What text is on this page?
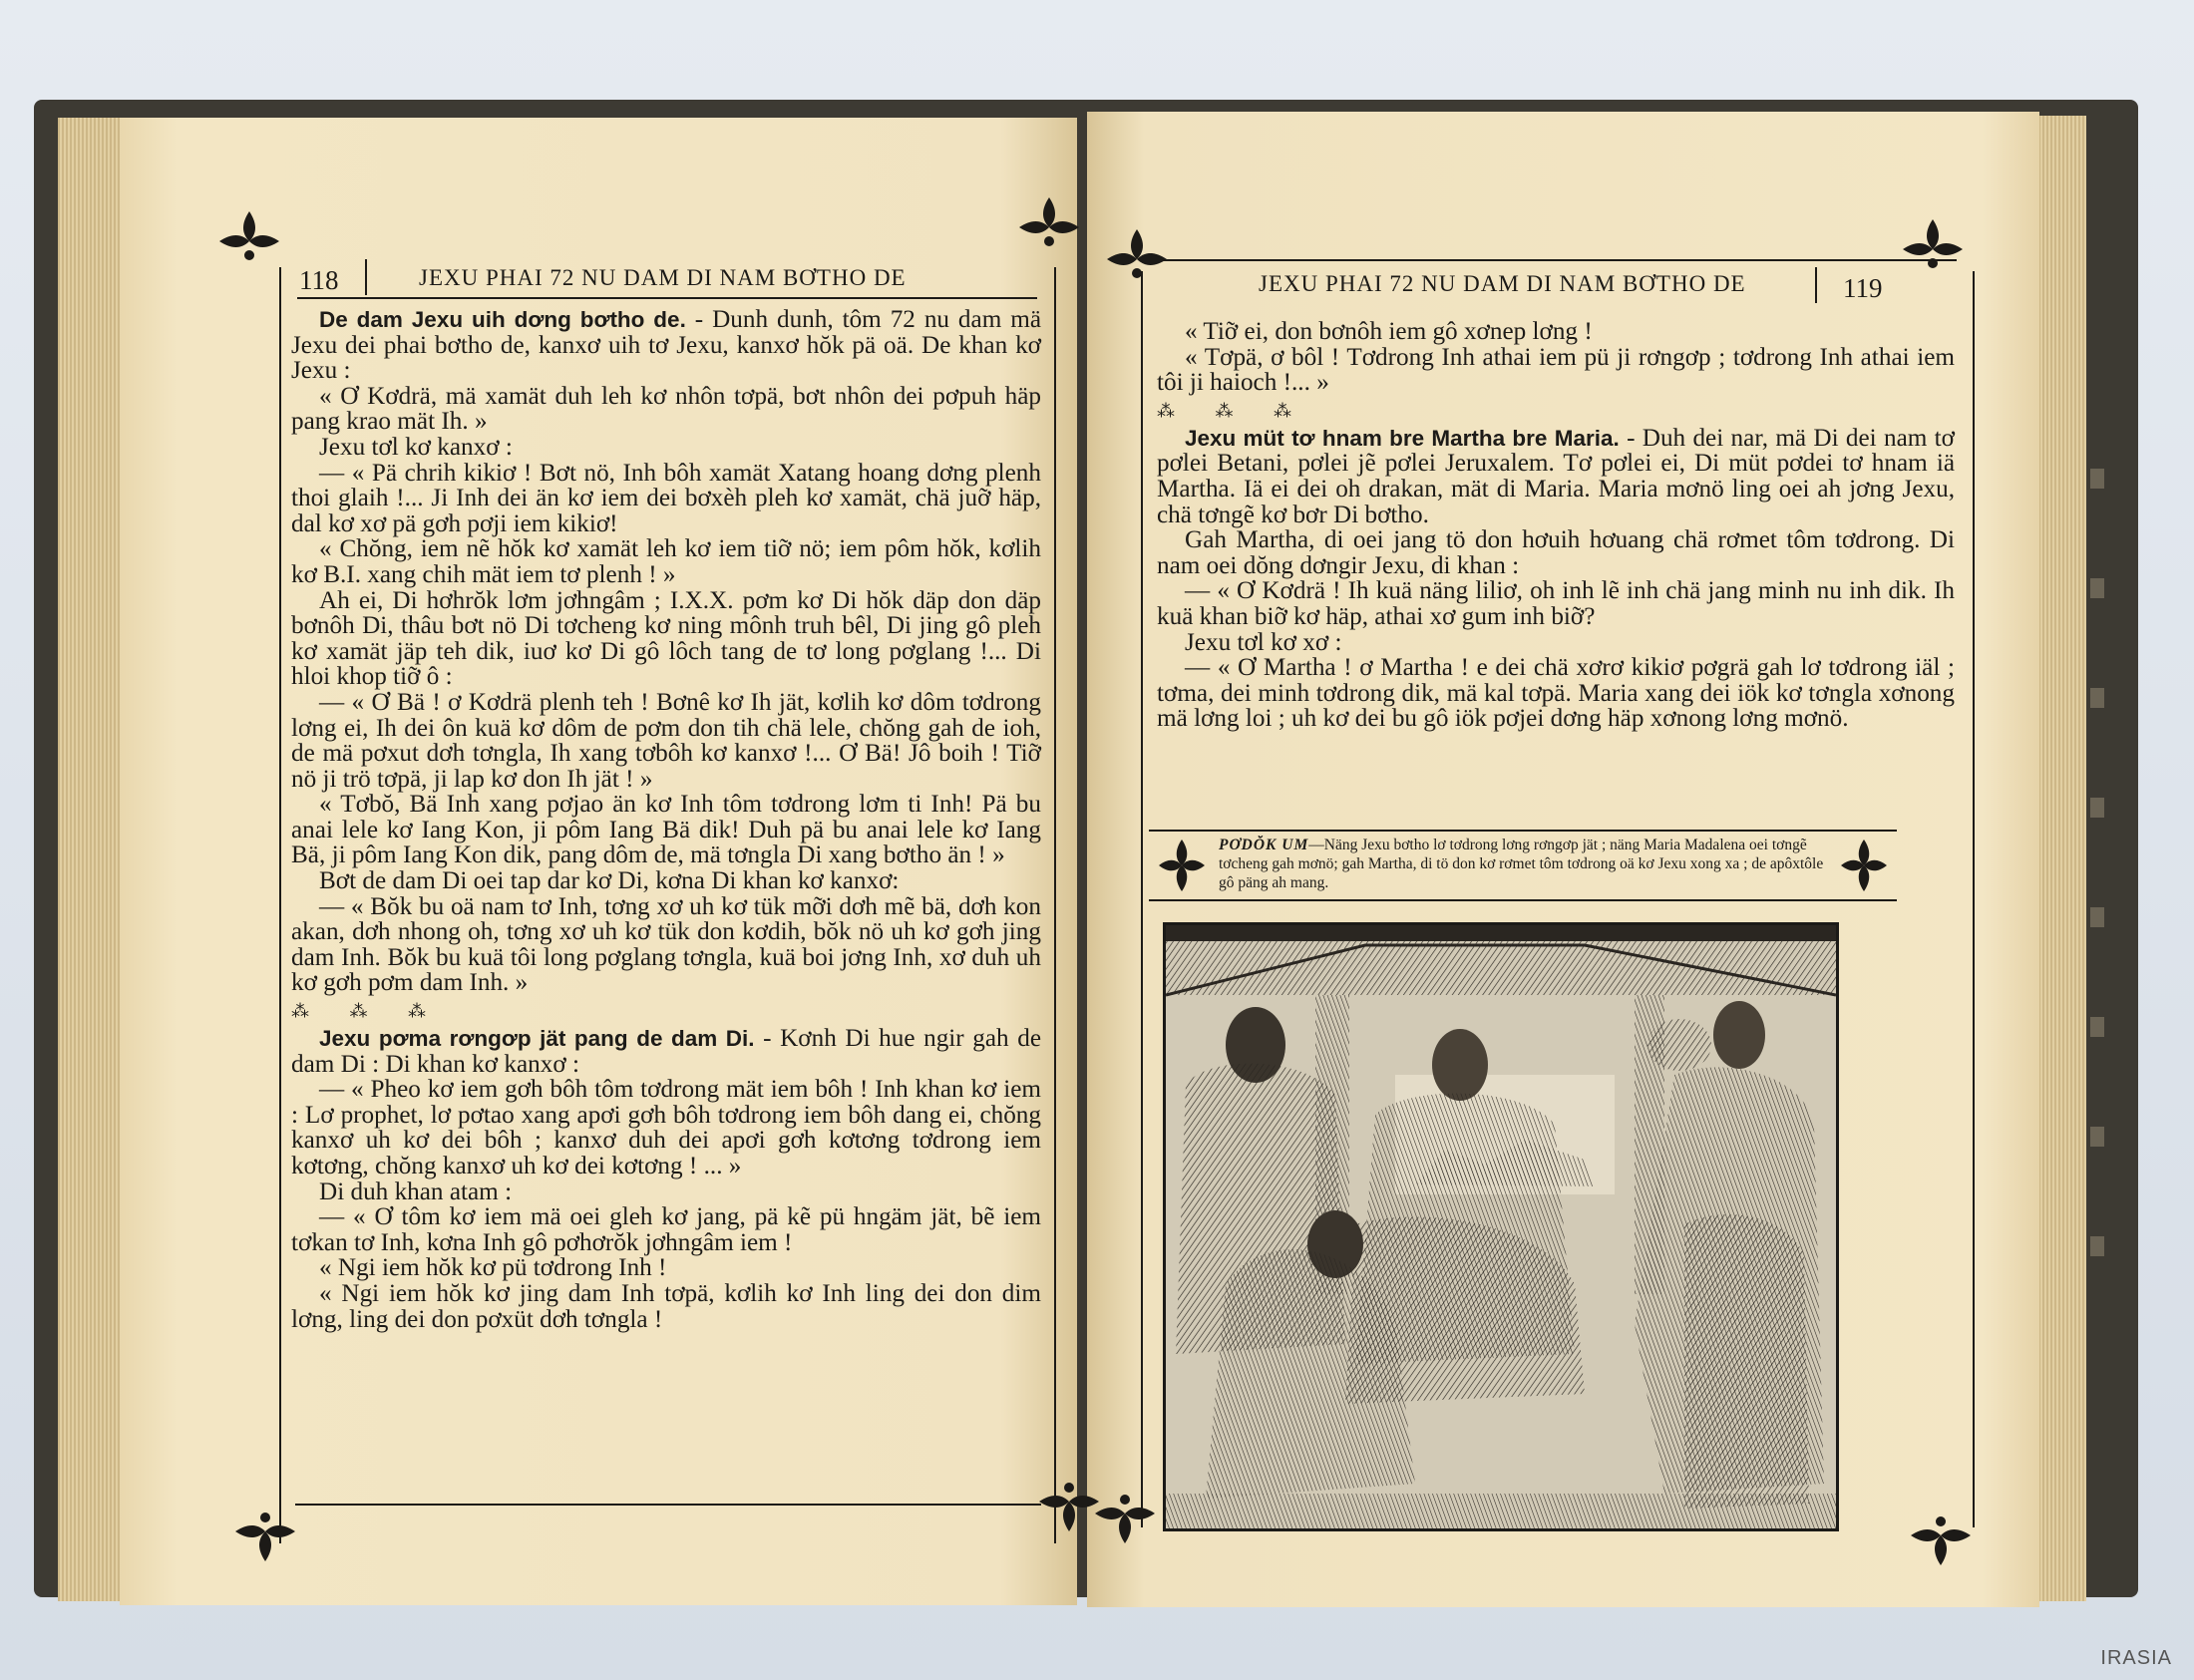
118	JEXU PHAI 72 NU DAM DI NAM BƠTHO DE

De dam Jexu uih dơng bơtho de. - Dunh dunh, tôm 72 nu dam mä Jexu dei phai bơtho de, kanxơ uih tơ Jexu, kanxơ hŏk pä oä. De khan kơ Jexu :

« Ơ Kơdrä, mä xamät duh leh kơ nhôn tơpä, bơt nhôn dei pơpuh häp pang krao mät Ih. »

Jexu tơl kơ kanxơ :

— « Pä chrih kikiơ ! Bơt nö, Inh bôh xamät Xatang hoang dơng plenh thoi glaih !... Ji Inh dei än kơ iem dei bơxèh pleh kơ xamät, chä juỡ häp, dal kơ xơ pä gơh pơji iem kikiơ!

« Chŏng, iem nẽ hŏk kơ xamät leh kơ iem tiỡ nö; iem pôm hŏk, kơlih kơ B.I. xang chih mät iem tơ plenh ! »

Ah ei, Di hơhrŏk lơm jơhngâm ; I.X.X. pơm kơ Di hŏk däp don däp bơnôh Di, thâu bơt nö Di tơcheng kơ ning mônh truh bêl, Di jing gô pleh kơ xamät jäp teh dik, iuơ kơ Di gô lôch tang de tơ long pơglang !... Di hloi khop tiỡ ô :

— « Ơ Bä ! ơ Kơdrä plenh teh ! Bơnê kơ Ih jät, kơlih kơ dôm tơdrong lơng ei, Ih dei ôn kuä kơ dôm de pơm don tih chä lele, chŏng gah de ioh, de mä pơxut dơh tơngla, Ih xang tơbôh kơ kanxơ !... Ơ Bä! Jô boih ! Tiỡ nö ji trö tơpä, ji lap kơ don Ih jät ! »

« Tơbŏ, Bä Inh xang pơjao än kơ Inh tôm tơdrong lơm ti Inh! Pä bu anai lele kơ Iang Kon, ji pôm Iang Bä dik! Duh pä bu anai lele kơ Iang Bä, ji pôm Iang Kon dik, pang dôm de, mä tơngla Di xang bơtho än ! »

Bơt de dam Di oei tap dar kơ Di, kơna Di khan kơ kanxơ:

— « Bŏk bu oä nam tơ Inh, tơng xơ uh kơ tük mỡi dơh mẽ bä, dơh kon akan, dơh nhong oh, tơng xơ uh kơ tük don kơdih, bŏk nö uh kơ gơh jing dam Inh. Bŏk bu kuä tôi long pơglang tơngla, kuä boi jơng Inh, xơ duh uh kơ gơh pơm dam Inh. »

⁂ ⁂ ⁂

Jexu pơma rơngơp jät pang de dam Di. - Kơnh Di hue ngir gah de dam Di : Di khan kơ kanxơ :

— « Pheo kơ iem gơh bôh tôm tơdrong mät iem bôh ! Inh khan kơ iem : Lơ prophet, lơ pơtao xang apơi gơh bôh tơdrong iem bôh dang ei, chŏng kanxơ uh kơ dei bôh ; kanxơ duh dei apơi gơh kơtơng tơdrong iem kơtơng, chŏng kanxơ uh kơ dei kơtơng ! ... »

Di duh khan atam :

— « Ơ tôm kơ iem mä oei gleh kơ jang, pä kẽ pü hngäm jät, bẽ iem tơkan tơ Inh, kơna Inh gô pơhơrŏk jơhngâm iem !

« Ngi iem hŏk kơ pü tơdrong Inh !

« Ngi iem hŏk kơ jing dam Inh tơpä, kơlih kơ Inh ling dei don dim lơng, ling dei don pơxüt dơh tơngla !

JEXU PHAI 72 NU DAM DI NAM BƠTHO DE	119

« Tiỡ ei, don bơnôh iem gô xơnep lơng !

« Tơpä, ơ bôl ! Tơdrong Inh athai iem pü ji rơngơp ; tơdrong Inh athai iem tôi ji haioch !... »

⁂ ⁂ ⁂

Jexu müt tơ hnam bre Martha bre Maria. - Duh dei nar, mä Di dei nam tơ pơlei Betani, pơlei jẽ pơlei Jeruxalem. Tơ pơlei ei, Di müt pơdei tơ hnam iä Martha. Iä ei dei oh drakan, mät di Maria. Maria mơnö ling oei ah jơng Jexu, chä tơngẽ kơ bơr Di bơtho.

Gah Martha, di oei jang tö don hơuih hơuang chä rơmet tôm tơdrong. Di nam oei dŏng dơngir Jexu, di khan :

— « Ơ Kơdrä ! Ih kuä näng liliơ, oh inh lẽ inh chä jang minh nu inh dik. Ih kuä khan biỡ kơ häp, athai xơ gum inh biỡ?

Jexu tơl kơ xơ :

— « Ơ Martha ! ơ Martha ! e dei chä xơrơ kikiơ pơgrä gah lơ tơdrong iäl ; tơma, dei minh tơdrong dik, mä kal tơpä. Maria xang dei iök kơ tơngla xơnong mä lơng loi ; uh kơ dei bu gô iök pơjei dơng häp xơnong lơng mơnö.

PƠDŎK UM—Näng Jexu bơtho lơ tơdrong lơng rơngơp jät ; näng Maria Madalena oei tơngẽ tơcheng gah mơnö; gah Martha, di tö don kơ rơmet tôm tơdrong oä kơ Jexu xong xa ; de apôxtôle gô päng ah mang.
IRASIA
